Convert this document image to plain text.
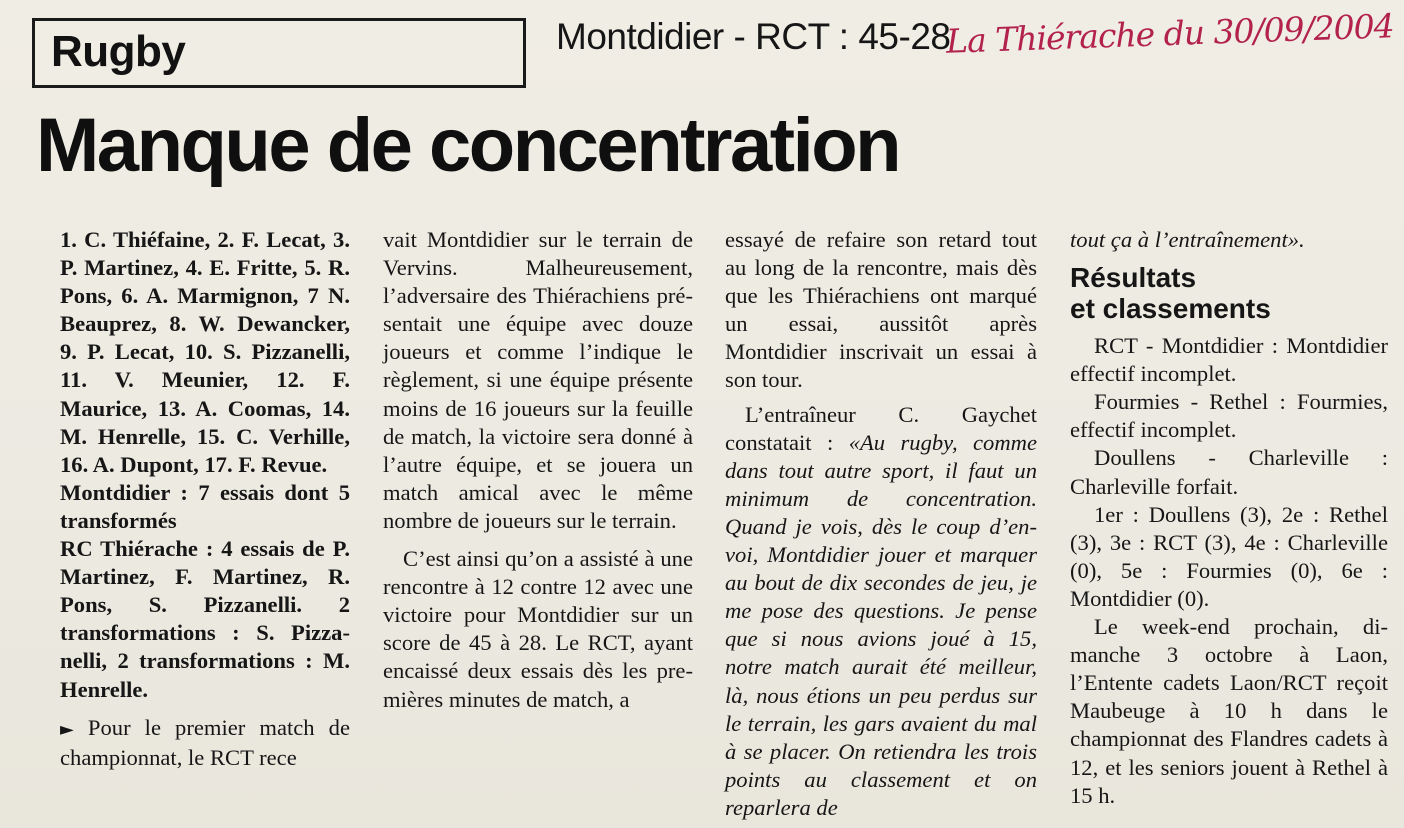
Rugby	Montdidier - RCT : 45-28
La Thiérache du 30/09/2004
Manque de concentration

1. C. Thiéfaine, 2. F. Lecat, 3. P. Martinez, 4. E. Fritte, 5. R. Pons, 6. A. Marmignon, 7 N. Beauprez, 8. W. Dewancker, 9. P. Lecat, 10. S. Pizzanelli, 11. V. Meunier, 12. F. Maurice, 13. A. Coomas, 14. M. Henrelle, 15. C. Verhille, 16. A. Dupont, 17. F. Revue.

Montdidier : 7 essais dont 5 transformés

RC Thiérache : 4 essais de P. Martinez, F. Martinez, R. Pons, S. Pizzanelli. 2 transformations : S. Pizzanelli, 2 transformations : M. Henrelle.

► Pour le premier match de championnat, le RCT rece

vait Montdidier sur le terrain de Vervins. Malheureusement, l’adversaire des Thiérachiens présentait une équipe avec douze joueurs et comme l’indique le règlement, si une équipe présente moins de 16 joueurs sur la feuille de match, la victoire sera donné à l’autre équipe, et se jouera un match amical avec le même nombre de joueurs sur le terrain.

C’est ainsi qu’on a assisté à une rencontre à 12 contre 12 avec une victoire pour Montdidier sur un score de 45 à 28. Le RCT, ayant encaissé deux essais dès les premières minutes de match, a

essayé de refaire son retard tout au long de la rencontre, mais dès que les Thiérachiens ont marqué un essai, aussitôt après Montdidier inscrivait un essai à son tour.

L’entraîneur C. Gaychet constatait : «Au rugby, comme dans tout autre sport, il faut un minimum de concentration. Quand je vois, dès le coup d’envoi, Montdidier jouer et marquer au bout de dix secondes de jeu, je me pose des questions. Je pense que si nous avions joué à 15, notre match aurait été meilleur, là, nous étions un peu perdus sur le terrain, les gars avaient du mal à se placer. On retiendra les trois points au classement et on reparlera de

tout ça à l’entraînement».

Résultats
et classements

RCT - Montdidier : Montdidier effectif incomplet.

Fourmies - Rethel : Fourmies, effectif incomplet.

Doullens - Charleville : Charleville forfait.

1er : Doullens (3), 2e : Rethel (3), 3e : RCT (3), 4e : Charleville (0), 5e : Fourmies (0), 6e : Montdidier (0).

Le week-end prochain, dimanche 3 octobre à Laon, l’Entente cadets Laon/RCT reçoit Maubeuge à 10 h dans le championnat des Flandres cadets à 12, et les seniors jouent à Rethel à 15 h.
